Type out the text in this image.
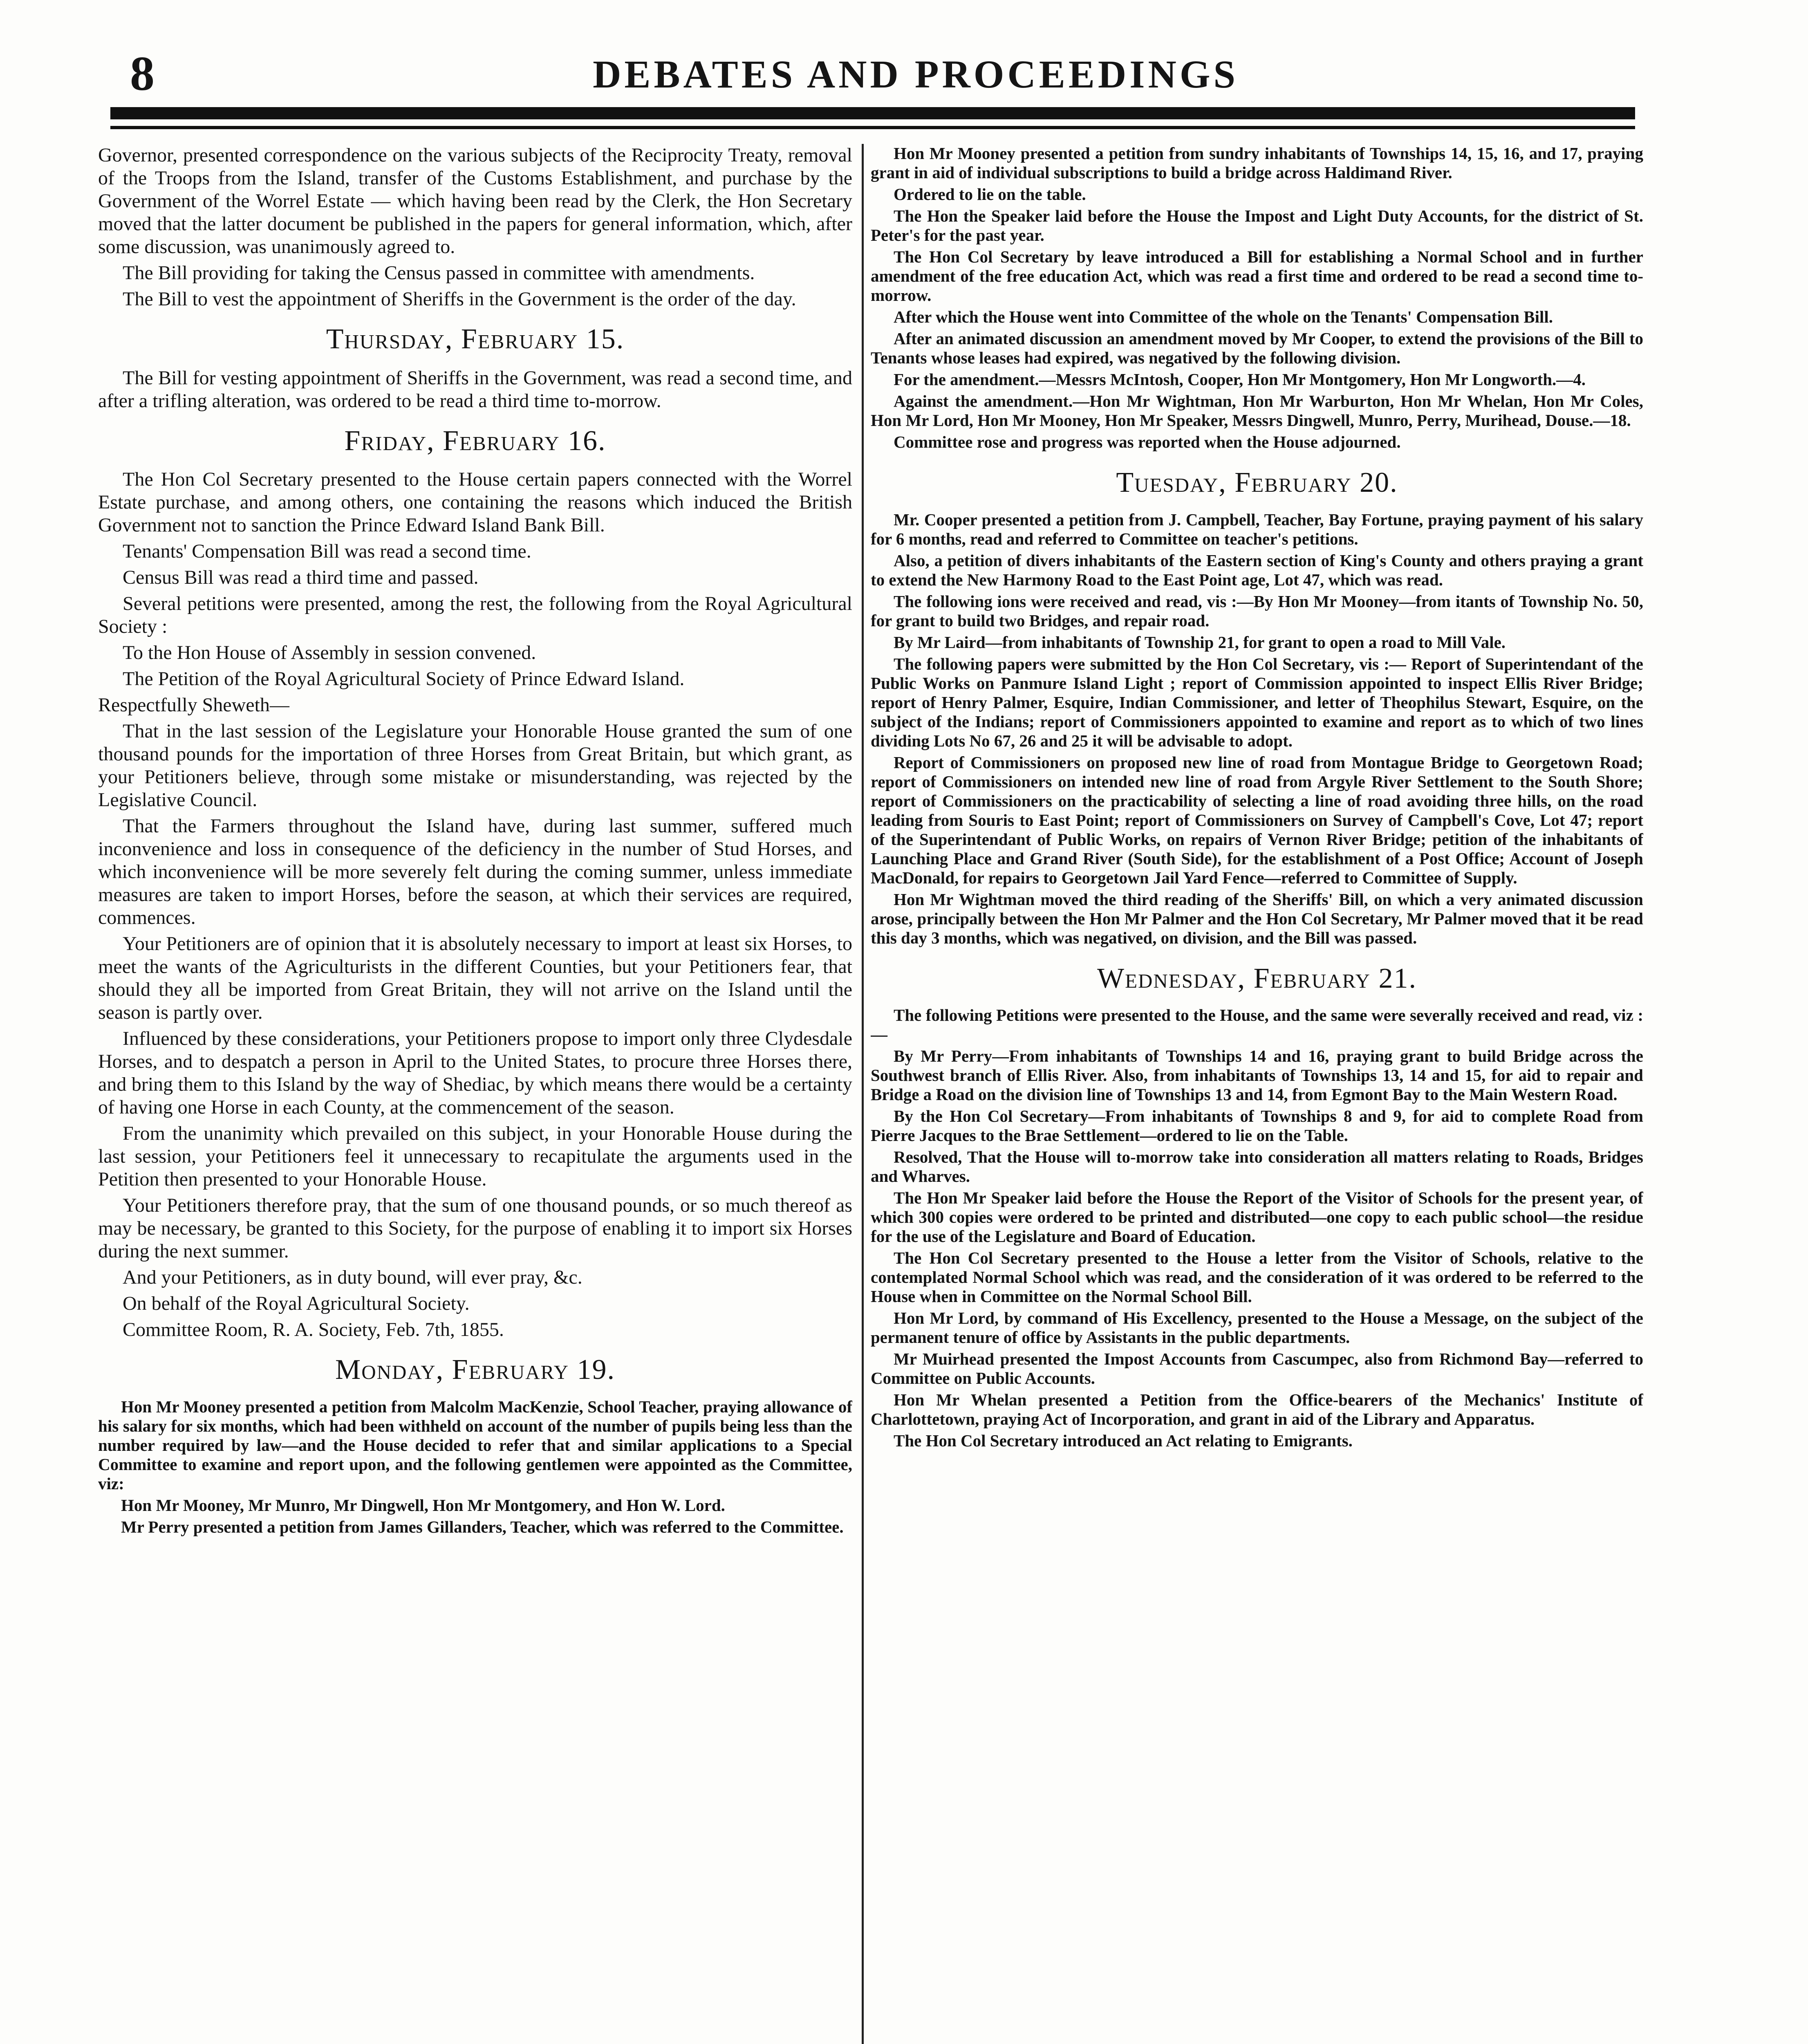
8	DEBATES AND PROCEEDINGS

Governor, presented correspondence on the various subjects of the Reciprocity Treaty, removal of the Troops from the Island, transfer of the Customs Establishment, and purchase by the Government of the Worrel Estate — which having been read by the Clerk, the Hon Secretary moved that the latter document be published in the papers for general information, which, after some discussion, was unanimously agreed to.

The Bill providing for taking the Census passed in committee with amendments.

The Bill to vest the appointment of Sheriffs in the Government is the order of the day.

Thursday, February 15.

The Bill for vesting appointment of Sheriffs in the Government, was read a second time, and after a trifling alteration, was ordered to be read a third time to-morrow.

Friday, February 16.

The Hon Col Secretary presented to the House certain papers connected with the Worrel Estate purchase, and among others, one containing the reasons which induced the British Government not to sanction the Prince Edward Island Bank Bill.

Tenants' Compensation Bill was read a second time.

Census Bill was read a third time and passed.

Several petitions were presented, among the rest, the following from the Royal Agricultural Society :

To the Hon House of Assembly in session convened.

The Petition of the Royal Agricultural Society of Prince Edward Island.

Respectfully Sheweth—

That in the last session of the Legislature your Honorable House granted the sum of one thousand pounds for the importation of three Horses from Great Britain, but which grant, as your Petitioners believe, through some mistake or misunderstanding, was rejected by the Legislative Council.

That the Farmers throughout the Island have, during last summer, suffered much inconvenience and loss in consequence of the deficiency in the number of Stud Horses, and which inconvenience will be more severely felt during the coming summer, unless immediate measures are taken to import Horses, before the season, at which their services are required, commences.

Your Petitioners are of opinion that it is absolutely necessary to import at least six Horses, to meet the wants of the Agriculturists in the different Counties, but your Petitioners fear, that should they all be imported from Great Britain, they will not arrive on the Island until the season is partly over.

Influenced by these considerations, your Petitioners propose to import only three Clydesdale Horses, and to despatch a person in April to the United States, to procure three Horses there, and bring them to this Island by the way of Shediac, by which means there would be a certainty of having one Horse in each County, at the commencement of the season.

From the unanimity which prevailed on this subject, in your Honorable House during the last session, your Petitioners feel it unnecessary to recapitulate the arguments used in the Petition then presented to your Honorable House.

Your Petitioners therefore pray, that the sum of one thousand pounds, or so much thereof as may be necessary, be granted to this Society, for the purpose of enabling it to import six Horses during the next summer.

And your Petitioners, as in duty bound, will ever pray, &c.

On behalf of the Royal Agricultural Society.

Committee Room, R. A. Society, Feb. 7th, 1855.

Monday, February 19.

Hon Mr Mooney presented a petition from Malcolm MacKenzie, School Teacher, praying allowance of his salary for six months, which had been withheld on account of the number of pupils being less than the number required by law—and the House decided to refer that and similar applications to a Special Committee to examine and report upon, and the following gentlemen were appointed as the Committee, viz:

Hon Mr Mooney, Mr Munro, Mr Dingwell, Hon Mr Montgomery, and Hon W. Lord.

Mr Perry presented a petition from James Gillanders, Teacher, which was referred to the Committee.

Hon Mr Mooney presented a petition from sundry inhabitants of Townships 14, 15, 16, and 17, praying grant in aid of individual subscriptions to build a bridge across Haldimand River.

Ordered to lie on the table.

The Hon the Speaker laid before the House the Impost and Light Duty Accounts, for the district of St. Peter's for the past year.

The Hon Col Secretary by leave introduced a Bill for establishing a Normal School and in further amendment of the free education Act, which was read a first time and ordered to be read a second time to-morrow.

After which the House went into Committee of the whole on the Tenants' Compensation Bill.

After an animated discussion an amendment moved by Mr Cooper, to extend the provisions of the Bill to Tenants whose leases had expired, was negatived by the following division.

For the amendment.—Messrs McIntosh, Cooper, Hon Mr Montgomery, Hon Mr Longworth.—4.

Against the amendment.—Hon Mr Wightman, Hon Mr Warburton, Hon Mr Whelan, Hon Mr Coles, Hon Mr Lord, Hon Mr Mooney, Hon Mr Speaker, Messrs Dingwell, Munro, Perry, Murihead, Douse.—18.

Committee rose and progress was reported when the House adjourned.

Tuesday, February 20.

Mr. Cooper presented a petition from J. Campbell, Teacher, Bay Fortune, praying payment of his salary for 6 months, read and referred to Committee on teacher's petitions.

Also, a petition of divers inhabitants of the Eastern section of King's County and others praying a grant to extend the New Harmony Road to the East Point age, Lot 47, which was read.

The following ions were received and read, vis :—By Hon Mr Mooney—from itants of Township No. 50, for grant to build two Bridges, and repair road.

By Mr Laird—from inhabitants of Township 21, for grant to open a road to Mill Vale.

The following papers were submitted by the Hon Col Secretary, vis :— Report of Superintendant of the Public Works on Panmure Island Light ; report of Commission appointed to inspect Ellis River Bridge; report of Henry Palmer, Esquire, Indian Commissioner, and letter of Theophilus Stewart, Esquire, on the subject of the Indians; report of Commissioners appointed to examine and report as to which of two lines dividing Lots No 67, 26 and 25 it will be advisable to adopt.

Report of Commissioners on proposed new line of road from Montague Bridge to Georgetown Road; report of Commissioners on intended new line of road from Argyle River Settlement to the South Shore; report of Commissioners on the practicability of selecting a line of road avoiding three hills, on the road leading from Souris to East Point; report of Commissioners on Survey of Campbell's Cove, Lot 47; report of the Superintendant of Public Works, on repairs of Vernon River Bridge; petition of the inhabitants of Launching Place and Grand River (South Side), for the establishment of a Post Office; Account of Joseph MacDonald, for repairs to Georgetown Jail Yard Fence—referred to Committee of Supply.

Hon Mr Wightman moved the third reading of the Sheriffs' Bill, on which a very animated discussion arose, principally between the Hon Mr Palmer and the Hon Col Secretary, Mr Palmer moved that it be read this day 3 months, which was negatived, on division, and the Bill was passed.

Wednesday, February 21.

The following Petitions were presented to the House, and the same were severally received and read, viz :—

By Mr Perry—From inhabitants of Townships 14 and 16, praying grant to build Bridge across the Southwest branch of Ellis River. Also, from inhabitants of Townships 13, 14 and 15, for aid to repair and Bridge a Road on the division line of Townships 13 and 14, from Egmont Bay to the Main Western Road.

By the Hon Col Secretary—From inhabitants of Townships 8 and 9, for aid to complete Road from Pierre Jacques to the Brae Settlement—ordered to lie on the Table.

Resolved, That the House will to-morrow take into consideration all matters relating to Roads, Bridges and Wharves.

The Hon Mr Speaker laid before the House the Report of the Visitor of Schools for the present year, of which 300 copies were ordered to be printed and distributed—one copy to each public school—the residue for the use of the Legislature and Board of Education.

The Hon Col Secretary presented to the House a letter from the Visitor of Schools, relative to the contemplated Normal School which was read, and the consideration of it was ordered to be referred to the House when in Committee on the Normal School Bill.

Hon Mr Lord, by command of His Excellency, presented to the House a Message, on the subject of the permanent tenure of office by Assistants in the public departments.

Mr Muirhead presented the Impost Accounts from Cascumpec, also from Richmond Bay—referred to Committee on Public Accounts.

Hon Mr Whelan presented a Petition from the Office-bearers of the Mechanics' Institute of Charlottetown, praying Act of Incorporation, and grant in aid of the Library and Apparatus.

The Hon Col Secretary introduced an Act relating to Emigrants.
